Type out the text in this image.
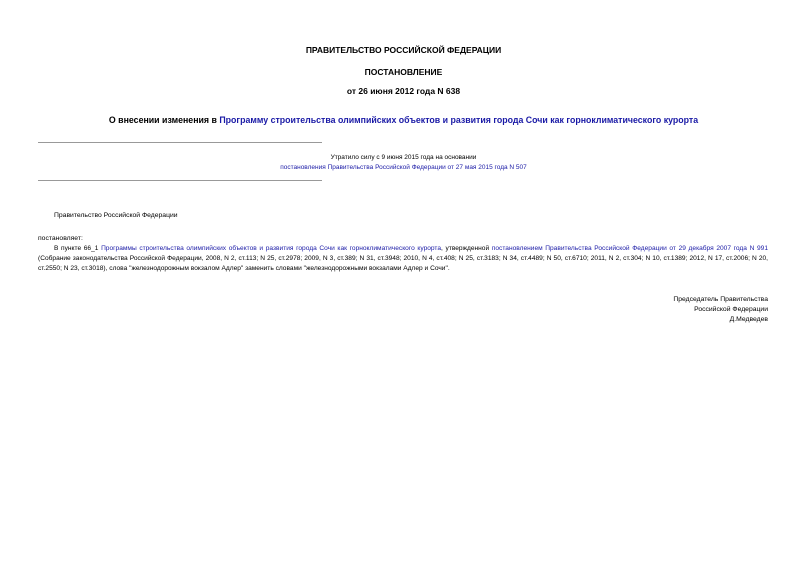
ПРАВИТЕЛЬСТВО РОССИЙСКОЙ ФЕДЕРАЦИИ
ПОСТАНОВЛЕНИЕ
от 26 июня 2012 года N 638
О внесении изменения в Программу строительства олимпийских объектов и развития города Сочи как горноклиматического курорта
Утратило силу с 9 июня 2015 года на основании
постановления Правительства Российской Федерации от 27 мая 2015 года N 507
Правительство Российской Федерации
постановляет:
В пункте 66_1 Программы строительства олимпийских объектов и развития города Сочи как горноклиматического курорта, утвержденной постановлением Правительства Российской Федерации от 29 декабря 2007 года N 991 (Собрание законодательства Российской Федерации, 2008, N 2, ст.113; N 25, ст.2978; 2009, N 3, ст.389; N 31, ст.3948; 2010, N 4, ст.408; N 25, ст.3183; N 34, ст.4489; N 50, ст.6710; 2011, N 2, ст.304; N 10, ст.1389; 2012, N 17, ст.2006; N 20, ст.2550; N 23, ст.3018), слова "железнодорожным вокзалом Адлер" заменить словами "железнодорожными вокзалами Адлер и Сочи".
Председатель Правительства
Российской Федерации
Д.Медведев
